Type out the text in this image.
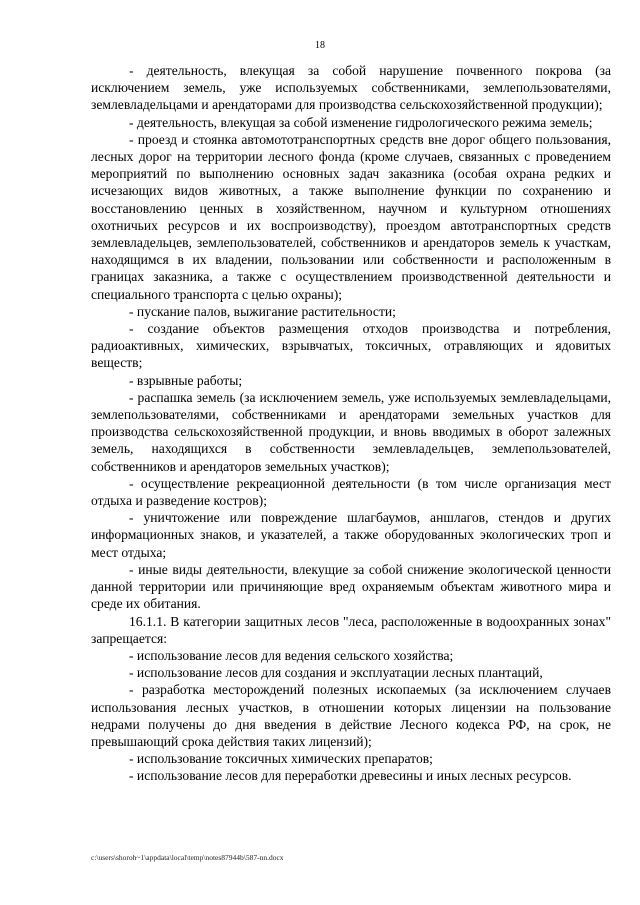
18

- деятельность, влекущая за собой нарушение почвенного покрова (за исключением земель, уже используемых собственниками, землепользователями, землевладельцами и арендаторами для производства сельскохозяйственной продукции);

- деятельность, влекущая за собой изменение гидрологического режима земель;

- проезд и стоянка автомототранспортных средств вне дорог общего пользования, лесных дорог на территории лесного фонда (кроме случаев, связанных с проведением мероприятий по выполнению основных задач заказника (особая охрана редких и исчезающих видов животных, а также выполнение функции по сохранению и восстановлению ценных в хозяйственном, научном и культурном отношениях охотничьих ресурсов и их воспроизводству), проездом автотранспортных средств землевладельцев, землепользователей, собственников и арендаторов земель к участкам, находящимся в их владении, пользовании или собственности и расположенным в границах заказника, а также с осуществлением производственной деятельности и специального транспорта с целью охраны);

- пускание палов, выжигание растительности;

- создание объектов размещения отходов производства и потребления, радиоактивных, химических, взрывчатых, токсичных, отравляющих и ядовитых веществ;

- взрывные работы;

- распашка земель (за исключением земель, уже используемых землевладельцами, землепользователями, собственниками и арендаторами земельных участков для производства сельскохозяйственной продукции, и вновь вводимых в оборот залежных земель, находящихся в собственности землевладельцев, землепользователей, собственников и арендаторов земельных участков);

- осуществление рекреационной деятельности (в том числе организация мест отдыха и разведение костров);

- уничтожение или повреждение шлагбаумов, аншлагов, стендов и других информационных знаков, и указателей, а также оборудованных экологических троп и мест отдыха;

- иные виды деятельности, влекущие за собой снижение экологической ценности данной территории или причиняющие вред охраняемым объектам животного мира и среде их обитания.

16.1.1. В категории защитных лесов "леса, расположенные в водоохранных зонах" запрещается:

- использование лесов для ведения сельского хозяйства;

- использование лесов для создания и эксплуатации лесных плантаций,

- разработка месторождений полезных ископаемых (за исключением случаев использования лесных участков, в отношении которых лицензии на пользование недрами получены до дня введения в действие Лесного кодекса РФ, на срок, не превышающий срока действия таких лицензий);

- использование токсичных химических препаратов;

- использование лесов для переработки древесины и иных лесных ресурсов.

c:\users\shoroh~1\appdata\local\temp\notes87944b\587-nn.docx
